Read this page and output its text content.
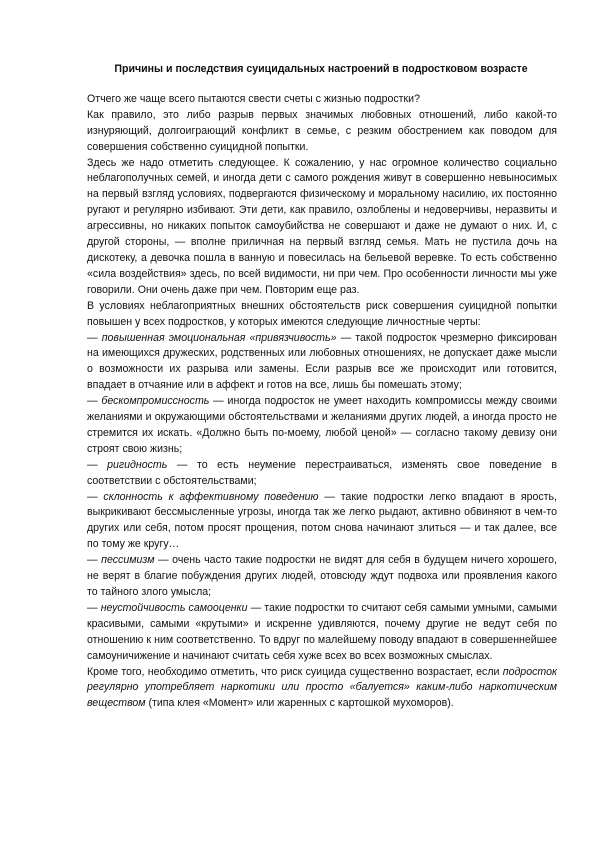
Причины и последствия суицидальных настроений в подростковом возрасте

Отчего же чаще всего пытаются свести счеты с жизнью подростки?

Как правило, это либо разрыв первых значимых любовных отношений, либо какой-то изнуряющий, долгоиграющий конфликт в семье, с резким обострением как поводом для совершения собственно суицидной попытки.

Здесь же надо отметить следующее. К сожалению, у нас огромное количество социально неблагополучных семей, и иногда дети с самого рождения живут в совершенно невыносимых на первый взгляд условиях, подвергаются физическому и моральному насилию, их постоянно ругают и регулярно избивают. Эти дети, как правило, озлоблены и недоверчивы, неразвиты и агрессивны, но никаких попыток самоубийства не совершают и даже не думают о них. И, с другой стороны, — вполне приличная на первый взгляд семья. Мать не пустила дочь на дискотеку, а девочка пошла в ванную и повесилась на бельевой веревке. То есть собственно «сила воздействия» здесь, по всей видимости, ни при чем. Про особенности личности мы уже говорили. Они очень даже при чем. Повторим еще раз.

В условиях неблагоприятных внешних обстоятельств риск совершения суицидной попытки повышен у всех подростков, у которых имеются следующие личностные черты:

— повышенная эмоциональная «привязчивость» — такой подросток чрезмерно фиксирован на имеющихся дружеских, родственных или любовных отношениях, не допускает даже мысли о возможности их разрыва или замены. Если разрыв все же происходит или готовится, впадает в отчаяние или в аффект и готов на все, лишь бы помешать этому;

— бескомпромиссность — иногда подросток не умеет находить компромиссы между своими желаниями и окружающими обстоятельствами и желаниями других людей, а иногда просто не стремится их искать. «Должно быть по-моему, любой ценой» — согласно такому девизу они строят свою жизнь;

— ригидность — то есть неумение перестраиваться, изменять свое поведение в соответствии с обстоятельствами;

— склонность к аффективному поведению — такие подростки легко впадают в ярость, выкрикивают бессмысленные угрозы, иногда так же легко рыдают, активно обвиняют в чем-то других или себя, потом просят прощения, потом снова начинают злиться — и так далее, все по тому же кругу…

— пессимизм — очень часто такие подростки не видят для себя в будущем ничего хорошего, не верят в благие побуждения других людей, отовсюду ждут подвоха или проявления какого то тайного злого умысла;

— неустойчивость самооценки — такие подростки то считают себя самыми умными, самыми красивыми, самыми «крутыми» и искренне удивляются, почему другие не ведут себя по отношению к ним соответственно. То вдруг по малейшему поводу впадают в совершеннейшее самоуничижение и начинают считать себя хуже всех во всех возможных смыслах.

Кроме того, необходимо отметить, что риск суицида существенно возрастает, если подросток регулярно употребляет наркотики или просто «балуется» каким-либо наркотическим веществом (типа клея «Момент» или жаренных с картошкой мухоморов).
